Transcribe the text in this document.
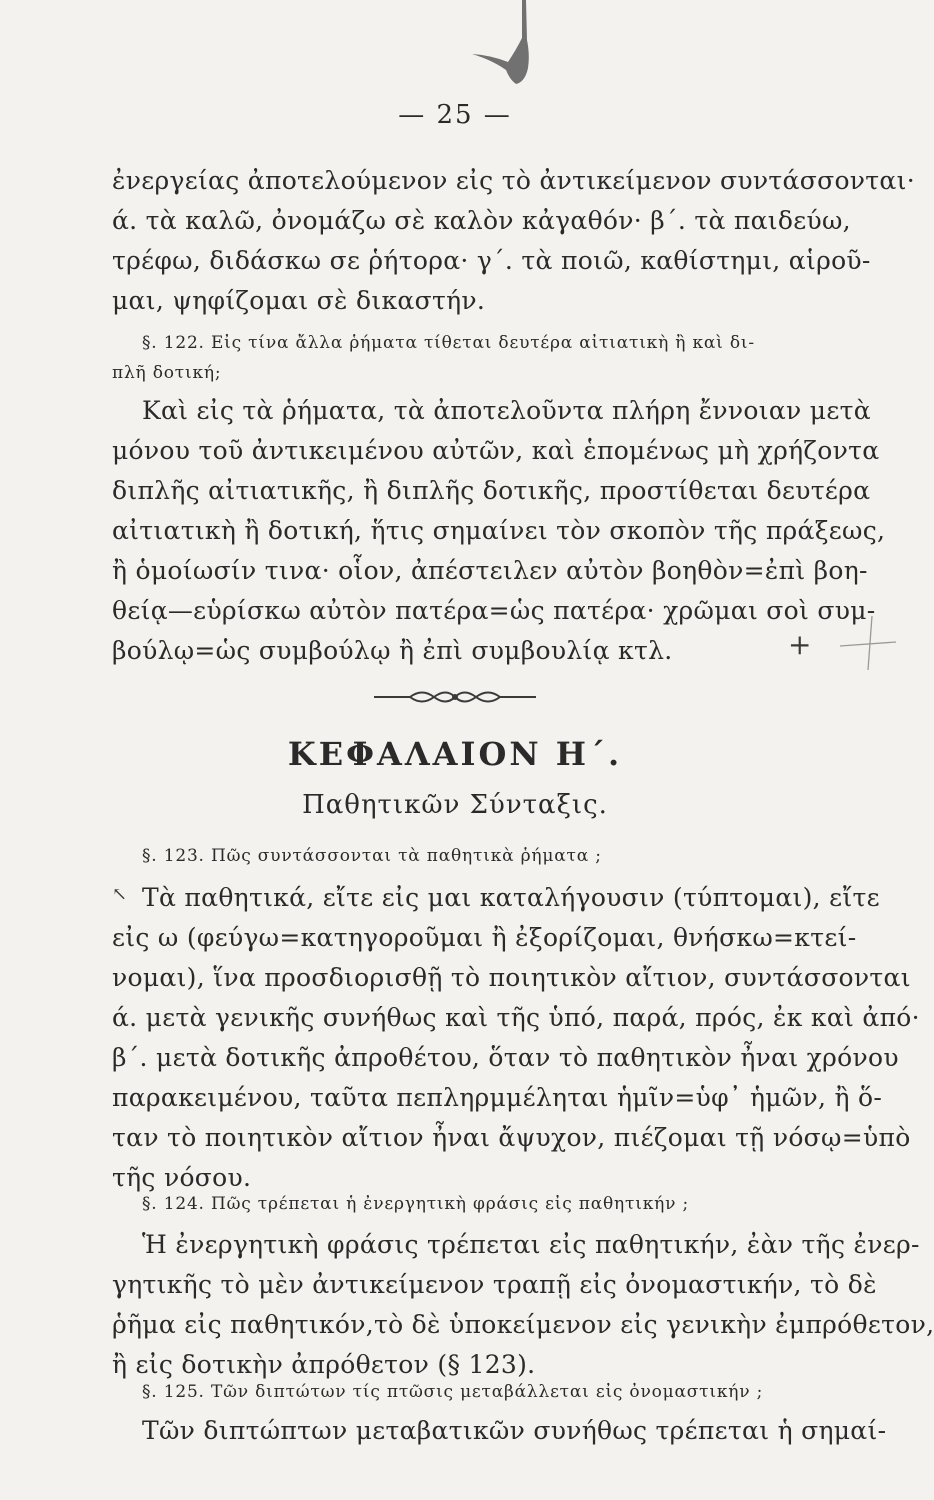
— 25 —
ἐνεργείας ἀποτελούμενον εἰς τὸ ἀντικείμενον συντάσσονται·
ά. τὰ καλῶ, ὀνομάζω σὲ καλὸν κἀγαθόν· β΄. τὰ παιδεύω,
τρέφω, διδάσκω σε ῥήτορα· γ΄. τὰ ποιῶ, καθίστημι, αἱροῦ-
μαι, ψηφίζομαι σὲ δικαστήν.
§. 122. Εἰς τίνα ἄλλα ῥήματα τίθεται δευτέρα αἰτιατικὴ ἢ καὶ δι-
πλῆ δοτική;
Καὶ εἰς τὰ ῥήματα, τὰ ἀποτελοῦντα πλήρη ἔννοιαν μετὰ
μόνου τοῦ ἀντικειμένου αὐτῶν, καὶ ἑπομένως μὴ χρήζοντα
διπλῆς αἰτιατικῆς, ἢ διπλῆς δοτικῆς, προστίθεται δευτέρα
αἰτιατικὴ ἢ δοτική, ἥτις σημαίνει τὸν σκοπὸν τῆς πράξεως,
ἢ ὁμοίωσίν τινα· οἷον, ἀπέστειλεν αὐτὸν βοηθὸν=ἐπὶ βοη-
θείᾳ—εὑρίσκω αὐτὸν πατέρα=ὡς πατέρα· χρῶμαι σοὶ συμ-
βούλῳ=ὡς συμβούλῳ ἢ ἐπὶ συμβουλίᾳ κτλ.	+
ΚΕΦΑΛΑΙΟΝ Η΄.
Παθητικῶν Σύνταξις.
§. 123. Πῶς συντάσσονται τὰ παθητικὰ ῥήματα ;
↖ Τὰ παθητικά, εἴτε εἰς μαι καταλήγουσιν (τύπτομαι), εἴτε
εἰς ω (φεύγω=κατηγοροῦμαι ἢ ἐξορίζομαι, θνήσκω=κτεί-
νομαι), ἵνα προσδιορισθῇ τὸ ποιητικὸν αἴτιον, συντάσσονται
ά. μετὰ γενικῆς συνήθως καὶ τῆς ὑπό, παρά, πρός, ἐκ καὶ ἀπό·
β΄. μετὰ δοτικῆς ἀπροθέτου, ὅταν τὸ παθητικὸν ἦναι χρόνου
παρακειμένου, ταῦτα πεπληρμμέληται ἡμῖν=ὑφ᾿ ἡμῶν, ἢ ὅ-
ταν τὸ ποιητικὸν αἴτιον ἦναι ἄψυχον, πιέζομαι τῇ νόσῳ=ὑπὸ
τῆς νόσου.
§. 124. Πῶς τρέπεται ἡ ἐνεργητικὴ φράσις εἰς παθητικήν ;
Ἡ ἐνεργητικὴ φράσις τρέπεται εἰς παθητικήν, ἐὰν τῆς ἐνερ-
γητικῆς τὸ μὲν ἀντικείμενον τραπῇ εἰς ὀνομαστικήν, τὸ δὲ
ῥῆμα εἰς παθητικόν,τὸ δὲ ὑποκείμενον εἰς γενικὴν ἐμπρόθετον,
ἢ εἰς δοτικὴν ἀπρόθετον (§ 123).
§. 125. Τῶν διπτώτων τίς πτῶσις μεταβάλλεται εἰς ὀνομαστικήν ;
Τῶν διπτώπτων μεταβατικῶν συνήθως τρέπεται ἡ σημαί-
